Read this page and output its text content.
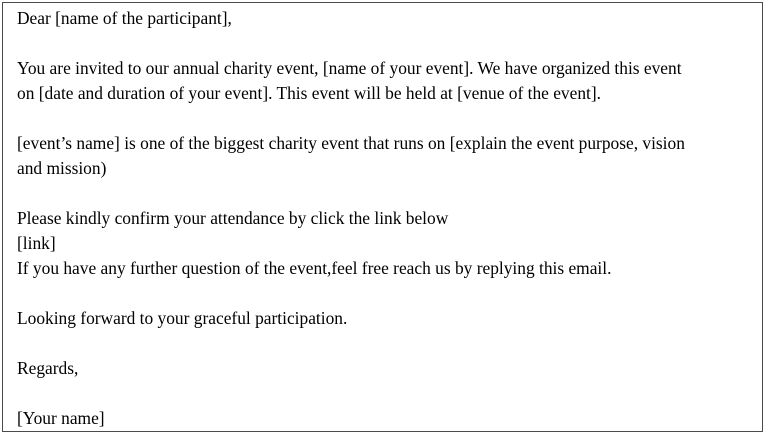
Dear [name of the participant],
You are invited to our annual charity event, [name of your event]. We have organized this event
on [date and duration of your event]. This event will be held at [venue of the event].
[event’s name] is one of the biggest charity event that runs on [explain the event purpose, vision
and mission)
Please kindly confirm your attendance by click the link below
[link]
If you have any further question of the event,feel free reach us by replying this email.
Looking forward to your graceful participation.
Regards,
[Your name]
